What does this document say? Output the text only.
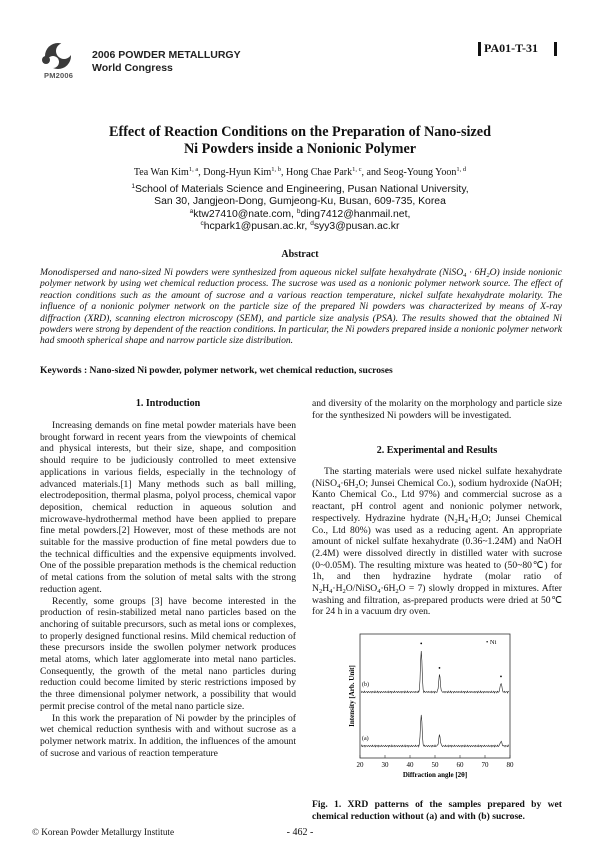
PM2006
2006 POWDER METALLURGY
World Congress
PA01-T-31
Effect of Reaction Conditions on the Preparation of Nano-sized
Ni Powders inside a Nonionic Polymer
Tea Wan Kim$^{1, a}$, Dong-Hyun Kim$^{1, b}$, Hong Chae Park$^{1, c}$, and Seog-Young Yoon$^{1, d}$
$^1$School of Materials Science and Engineering, Pusan National University,
San 30, Jangjeon-Dong, Gumjeong-Ku, Busan, 609-735, Korea
$^a$ktw27410@nate.com, $^b$ding7412@hanmail.net,
$^c$hcpark1@pusan.ac.kr, $^d$syy3@pusan.ac.kr
Abstract
Monodispersed and nano-sized Ni powders were synthesized from aqueous nickel sulfate hexahydrate (NiSO$_4$ · $6H_2O$) inside nonionic polymer network by using wet chemical reduction process. The sucrose was used as a nonionic polymer network source. The effect of reaction conditions such as the amount of sucrose and a various reaction temperature, nickel sulfate hexahydrate molarity. The influence of a nonionic polymer network on the particle size of the prepared Ni powders was characterized by means of X-ray diffraction (XRD), scanning electron microscopy (SEM), and particle size analysis (PSA). The results showed that the obtained Ni powders were strong by dependent of the reaction conditions. In particular, the Ni powders prepared inside a nonionic polymer network had smooth spherical shape and narrow particle size distribution.
Keywords : Nano-sized Ni powder, polymer network, wet chemical reduction, sucroses
1. Introduction

Increasing demands on fine metal powder materials have been brought forward in recent years from the viewpoints of chemical and physical interests, but their size, shape, and composition should require to be judiciously controlled to meet extensive applications in various fields, especially in the technology of advanced materials.[1] Many methods such as ball milling, electrodeposition, thermal plasma, polyol process, chemical vapor deposition, chemical reduction in aqueous solution and microwave-hydrothermal method have been applied to prepare fine metal powders.[2] However, most of these methods are not suitable for the massive production of fine metal powders due to the technical difficulties and the expensive equipments involved. One of the possible preparation methods is the chemical reduction of metal cations from the solution of metal salts with the strong reduction agent.

Recently, some groups [3] have become interested in the production of resin-stabilized metal nano particles based on the anchoring of suitable precursors, such as metal ions or complexes, to properly designed functional resins. Mild chemical reduction of these precursors inside the swollen polymer network produces metal atoms, which later agglomerate into metal nano particles. Consequently, the growth of the metal nano particles during reduction could become limited by steric restrictions imposed by the three dimensional polymer network, a possibility that would permit precise control of the metal nano particle size.

In this work the preparation of Ni powder by the principles of wet chemical reduction synthesis with and without sucrose as a polymer network matrix. In addition, the influences of the amount of sucrose and various of reaction temperature

and diversity of the molarity on the morphology and particle size for the synthesized Ni powders will be investigated.

2. Experimental and Results

The starting materials were used nickel sulfate hexahydrate ($NiSO_4\cdot 6H_2O$; Junsei Chemical Co.), sodium hydroxide (NaOH; Kanto Chemical Co., Ltd 97%) and commercial sucrose as a reactant, pH control agent and nonionic polymer network, respectively. Hydrazine hydrate ($N_2H_4\cdot H_2O$; Junsei Chemical Co., Ltd 80%) was used as a reducing agent. An appropriate amount of nickel sulfate hexahydrate (0.36~1.24M) and NaOH (2.4M) were dissolved directly in distilled water with sucrose (0~0.05M). The resulting mixture was heated to (50~80℃) for 1h, and then hydrazine hydrate (molar ratio of $N_2H_4\cdot H_2O/NiSO_4\cdot 6H_2O = 7$) slowly dropped in mixtures. After washing and filtration, as-prepared products were dried at 50℃ for 24 h in a vacuum dry oven.

20	30	40	50	60	70	80
Diffraction angle [2θ]
Intensity [Arb. Unit]
• Ni
(b)
•
•
•
(a)
Fig. 1. XRD patterns of the samples prepared by wet chemical reduction without (a) and with (b) sucrose.
© Korean Powder Metallurgy Institute	- 462 -
